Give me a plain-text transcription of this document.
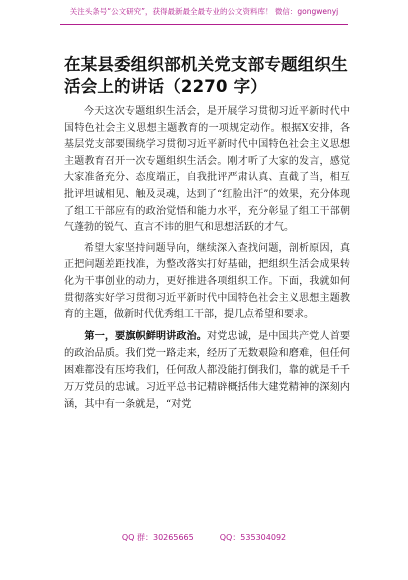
关注头条号“公文研究”，获得最新最全最专业的公文资料库！ 微信：gongwenyj
在某县委组织部机关党支部专题组织生活会上的讲话（2270 字）

今天这次专题组织生活会，是开展学习贯彻习近平新时代中国特色社会主义思想主题教育的一项规定动作。根据X安排，各基层党支部要围绕学习贯彻习近平新时代中国特色社会主义思想主题教育召开一次专题组织生活会。刚才听了大家的发言，感觉大家准备充分、态度端正，自我批评严肃认真、直截了当，相互批评坦诚相见、触及灵魂，达到了“红脸出汗”的效果，充分体现了组工干部应有的政治觉悟和能力水平，充分彰显了组工干部朝气蓬勃的锐气、直言不讳的胆气和思想活跃的才气。

希望大家坚持问题导向，继续深入查找问题，剖析原因，真正把问题差距找准，为整改落实打好基础，把组织生活会成果转化为干事创业的动力，更好推进各项组织工作。下面，我就如何贯彻落实好学习贯彻习近平新时代中国特色社会主义思想主题教育的主题，做新时代优秀组工干部，提几点希望和要求。

第一，要旗帜鲜明讲政治。对党忠诚，是中国共产党人首要的政治品质。我们党一路走来，经历了无数艰险和磨难，但任何困难都没有压垮我们，任何敌人都没能打倒我们，靠的就是千千万万党员的忠诚。习近平总书记精辟概括伟大建党精神的深刻内涵，其中有一条就是，“对党

QQ 群：30265665	QQ：535304092
